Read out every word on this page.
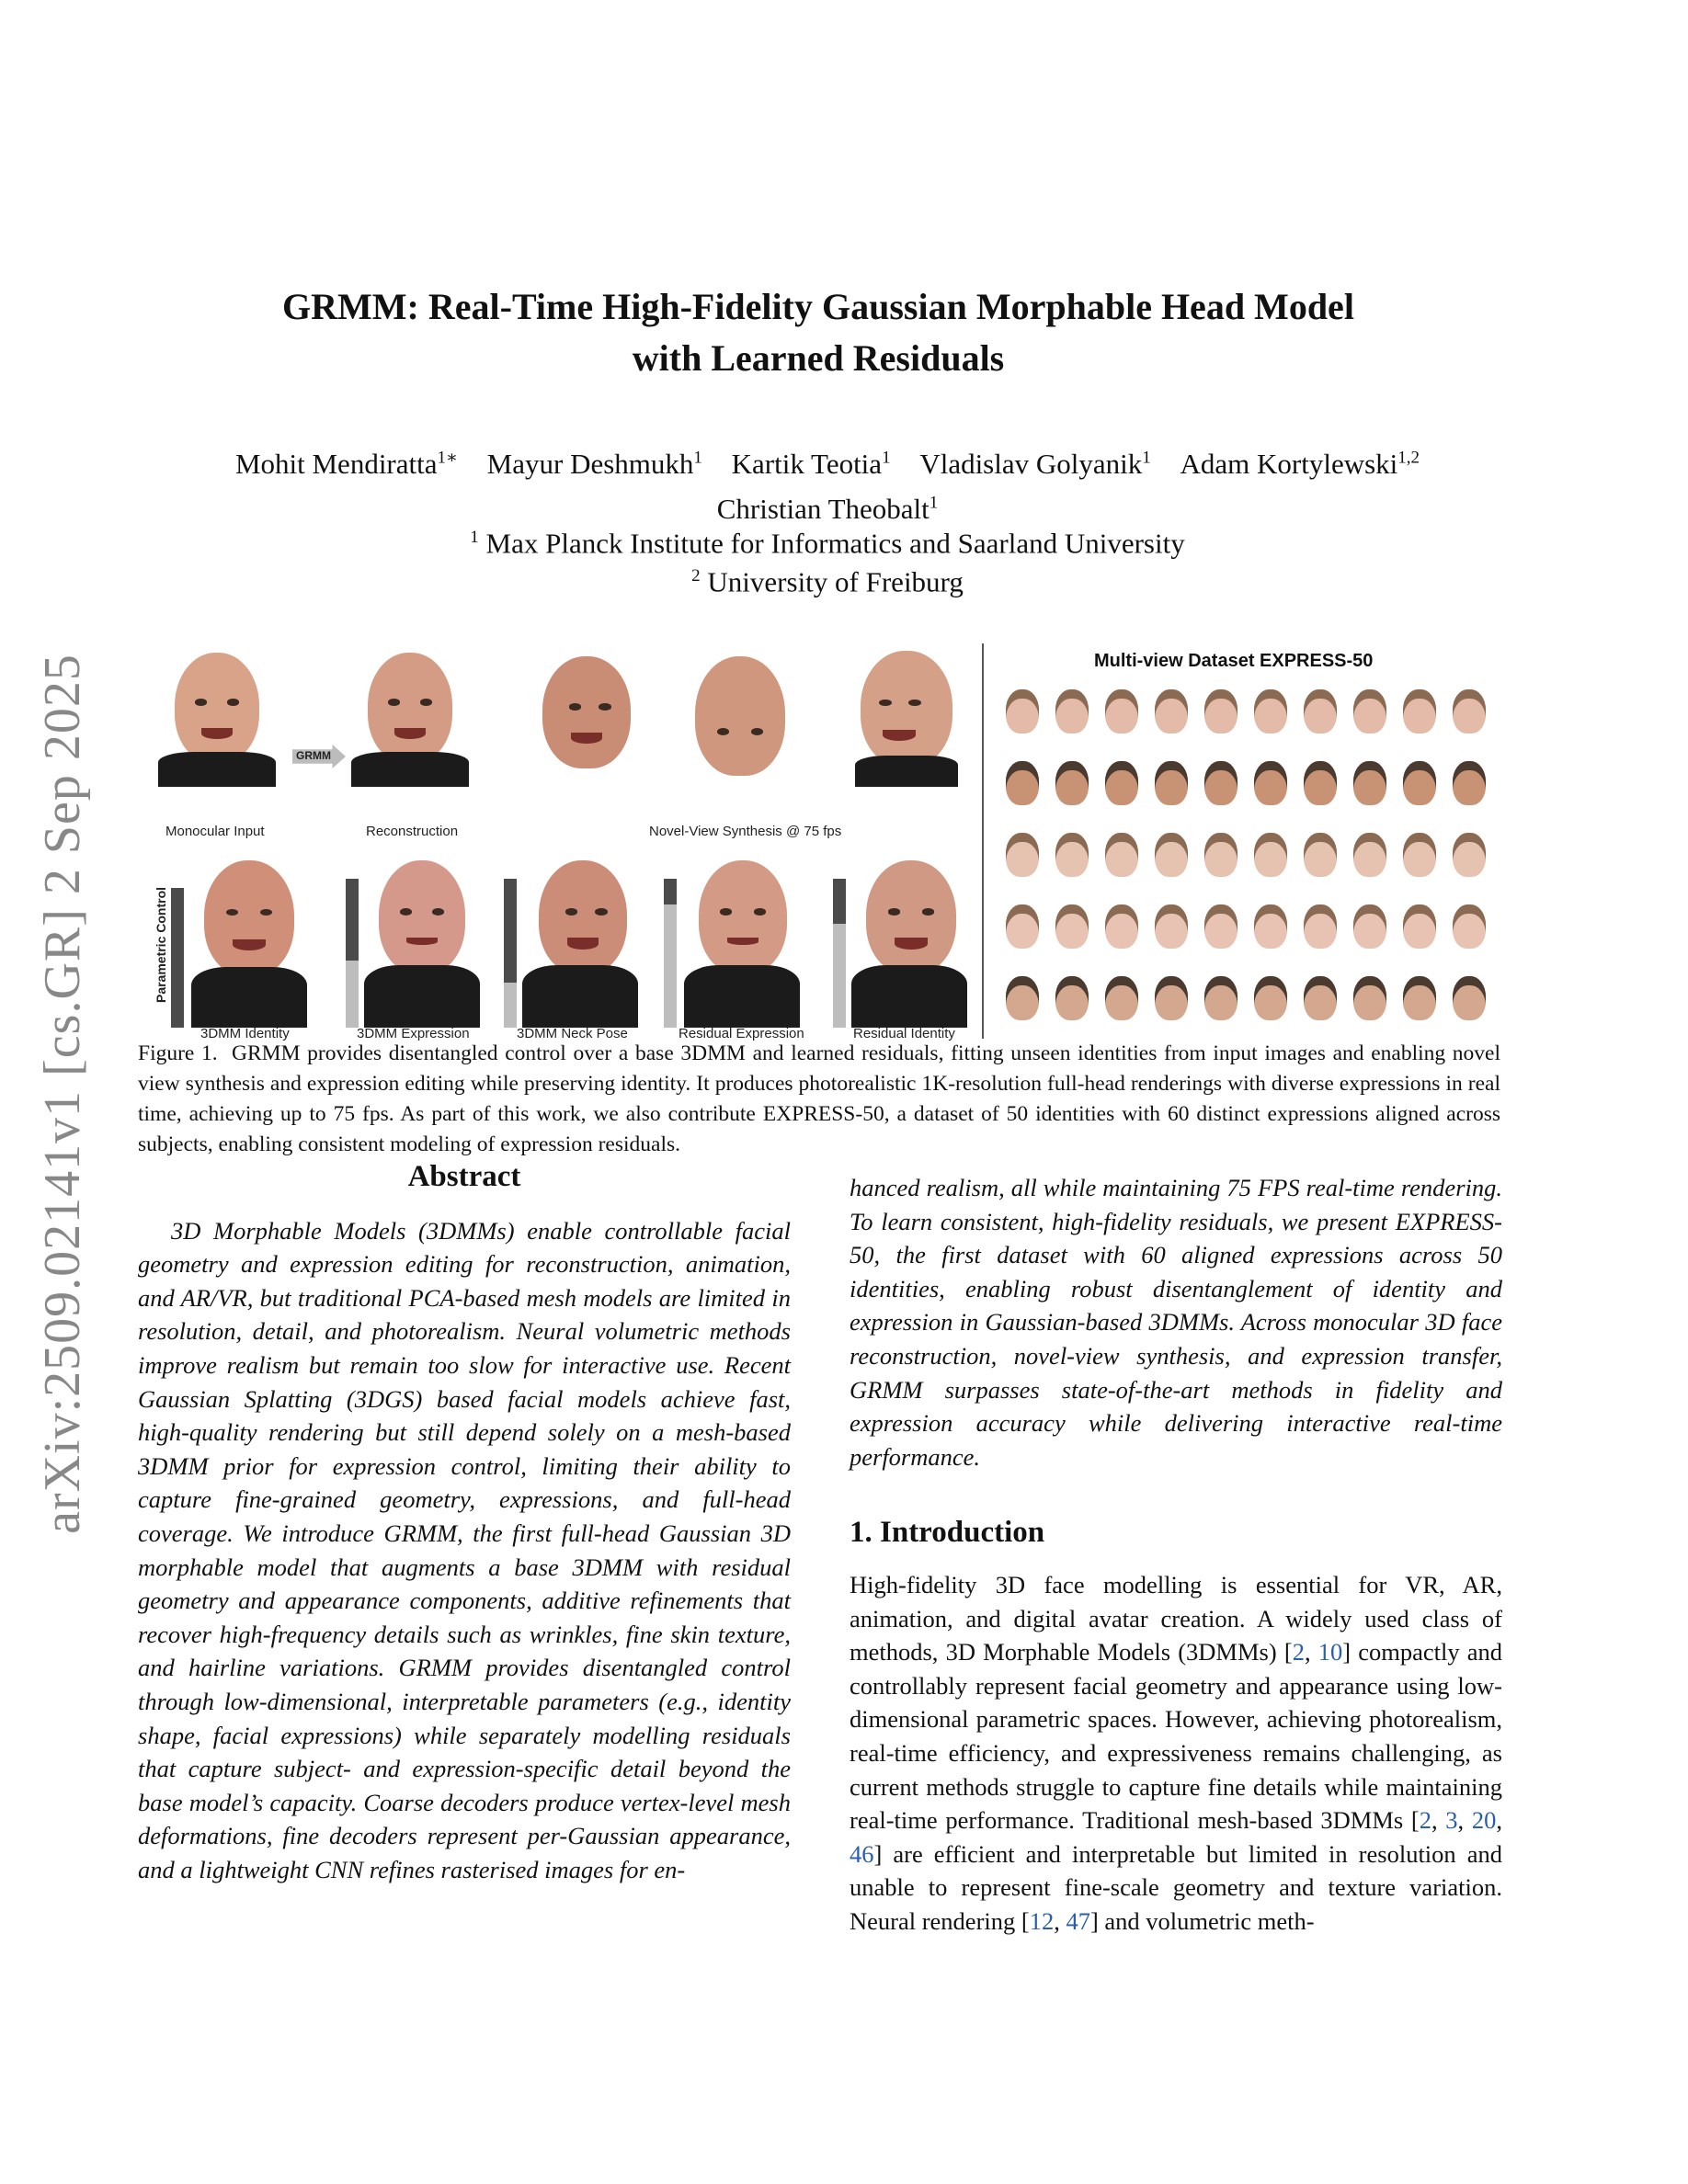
arXiv:2509.02141v1 [cs.GR] 2 Sep 2025
GRMM: Real-Time High-Fidelity Gaussian Morphable Head Model
with Learned Residuals
Mohit Mendiratta$^{1∗}$ Mayur Deshmukh$^1$ Kartik Teotia$^1$ Vladislav Golyanik$^1$ Adam Kortylewski$^{1,2}$
Christian Theobalt$^1$
$^1$ Max Planck Institute for Informatics and Saarland University
$^2$ University of Freiburg
GRMM
Monocular Input	Reconstruction	Novel-View Synthesis @ 75 fps
Parametric Control
3DMM Identity	3DMM Expression	3DMM Neck Pose	Residual Expression	Residual Identity
Multi-view Dataset EXPRESS-50
Figure 1. GRMM provides disentangled control over a base 3DMM and learned residuals, fitting unseen identities from input images and enabling novel view synthesis and expression editing while preserving identity. It produces photorealistic 1K-resolution full-head renderings with diverse expressions in real time, achieving up to 75 fps. As part of this work, we also contribute EXPRESS-50, a dataset of 50 identities with 60 distinct expressions aligned across subjects, enabling consistent modeling of expression residuals.
Abstract

3D Morphable Models (3DMMs) enable controllable facial geometry and expression editing for reconstruction, animation, and AR/VR, but traditional PCA-based mesh models are limited in resolution, detail, and photorealism. Neural volumetric methods improve realism but remain too slow for interactive use. Recent Gaussian Splatting (3DGS) based facial models achieve fast, high-quality rendering but still depend solely on a mesh-based 3DMM prior for expression control, limiting their ability to capture fine-grained geometry, expressions, and full-head coverage. We introduce GRMM, the first full-head Gaussian 3D morphable model that augments a base 3DMM with residual geometry and appearance components, additive refinements that recover high-frequency details such as wrinkles, fine skin texture, and hairline variations. GRMM provides disentangled control through low-dimensional, interpretable parameters (e.g., identity shape, facial expressions) while separately modelling residuals that capture subject- and expression-specific detail beyond the base model’s capacity. Coarse decoders produce vertex-level mesh deformations, fine decoders represent per-Gaussian appearance, and a lightweight CNN refines rasterised images for en-

hanced realism, all while maintaining 75 FPS real-time rendering. To learn consistent, high-fidelity residuals, we present EXPRESS-50, the first dataset with 60 aligned expressions across 50 identities, enabling robust disentanglement of identity and expression in Gaussian-based 3DMMs. Across monocular 3D face reconstruction, novel-view synthesis, and expression transfer, GRMM surpasses state-of-the-art methods in fidelity and expression accuracy while delivering interactive real-time performance.

1. Introduction

High-fidelity 3D face modelling is essential for VR, AR, animation, and digital avatar creation. A widely used class of methods, 3D Morphable Models (3DMMs) [2, 10] compactly and controllably represent facial geometry and appearance using low-dimensional parametric spaces. However, achieving photorealism, real-time efficiency, and expressiveness remains challenging, as current methods struggle to capture fine details while maintaining real-time performance. Traditional mesh-based 3DMMs [2, 3, 20, 46] are efficient and interpretable but limited in resolution and unable to represent fine-scale geometry and texture variation. Neural rendering [12, 47] and volumetric meth-
